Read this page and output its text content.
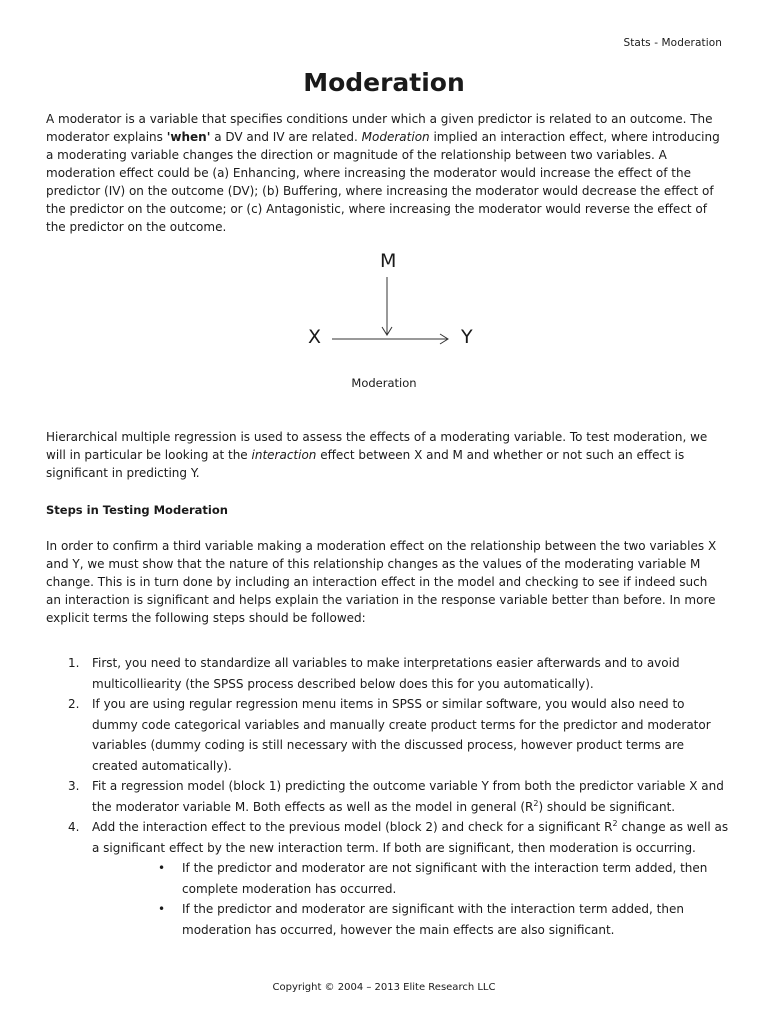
Stats - Moderation
Moderation
A moderator is a variable that specifies conditions under which a given predictor is related to an outcome. The moderator explains 'when' a DV and IV are related. Moderation implied an interaction effect, where introducing a moderating variable changes the direction or magnitude of the relationship between two variables. A moderation effect could be (a) Enhancing, where increasing the moderator would increase the effect of the predictor (IV) on the outcome (DV); (b) Buffering, where increasing the moderator would decrease the effect of the predictor on the outcome; or (c) Antagonistic, where increasing the moderator would reverse the effect of the predictor on the outcome.
M
X	Y
Moderation
Hierarchical multiple regression is used to assess the effects of a moderating variable. To test moderation, we will in particular be looking at the interaction effect between X and M and whether or not such an effect is significant in predicting Y.
Steps in Testing Moderation
In order to confirm a third variable making a moderation effect on the relationship between the two variables X and Y, we must show that the nature of this relationship changes as the values of the moderating variable M change. This is in turn done by including an interaction effect in the model and checking to see if indeed such an interaction is significant and helps explain the variation in the response variable better than before. In more explicit terms the following steps should be followed:
1. First, you need to standardize all variables to make interpretations easier afterwards and to avoid multicolliearity (the SPSS process described below does this for you automatically).
2. If you are using regular regression menu items in SPSS or similar software, you would also need to dummy code categorical variables and manually create product terms for the predictor and moderator variables (dummy coding is still necessary with the discussed process, however product terms are created automatically).
3. Fit a regression model (block 1) predicting the outcome variable Y from both the predictor variable X and the moderator variable M. Both effects as well as the model in general $(R^2)$ should be significant.
4. Add the interaction effect to the previous model (block 2) and check for a significant $R^2$ change as well as a significant effect by the new interaction term. If both are significant, then moderation is occurring.
• If the predictor and moderator are not significant with the interaction term added, then complete moderation has occurred.
• If the predictor and moderator are significant with the interaction term added, then moderation has occurred, however the main effects are also significant.
Copyright © 2004 – 2013 Elite Research LLC
